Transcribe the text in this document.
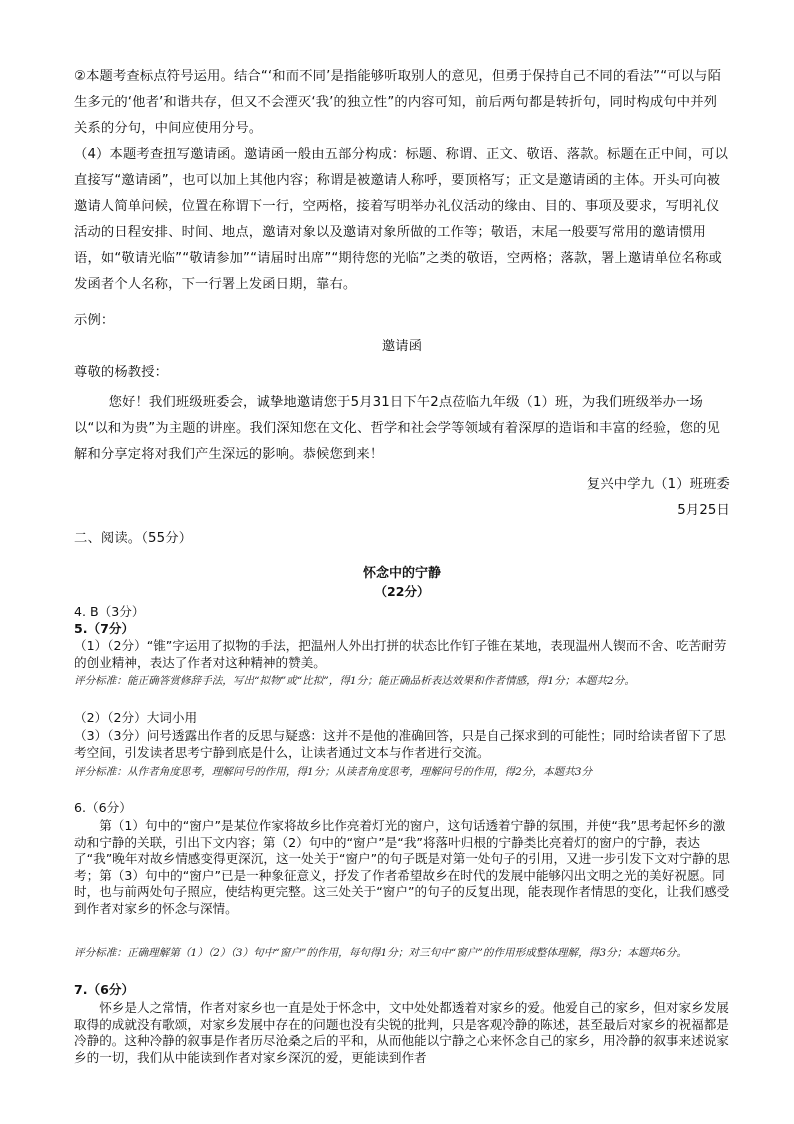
②本题考查标点符号运用。结合“‘和而不同’是指能够听取别人的意见，但勇于保持自己不同的看法”“可以与陌生多元的‘他者’和谐共存，但又不会湮灭‘我’的独立性”的内容可知，前后两句都是转折句，同时构成句中并列关系的分句，中间应使用分号。

（4）本题考查扭写邀请函。邀请函一般由五部分构成：标题、称谓、正文、敬语、落款。标题在正中间，可以直接写“邀请函”，也可以加上其他内容；称谓是被邀请人称呼，要顶格写；正文是邀请函的主体。开头可向被邀请人简单问候，位置在称谓下一行，空两格，接着写明举办礼仪活动的缘由、目的、事项及要求，写明礼仪活动的日程安排、时间、地点，邀请对象以及邀请对象所做的工作等；敬语，末尾一般要写常用的邀请惯用语，如“敬请光临”“敬请参加”“请届时出席”“期待您的光临”之类的敬语，空两格；落款，署上邀请单位名称或发函者个人名称，下一行署上发函日期，靠右。

示例：

邀请函

尊敬的杨教授：

您好！我们班级班委会，诚挚地邀请您于5月31日下午2点莅临九年级（1）班，为我们班级举办一场以“以和为贵”为主题的讲座。我们深知您在文化、哲学和社会学等领域有着深厚的造诣和丰富的经验，您的见解和分享定将对我们产生深远的影响。恭候您到来！

复兴中学九（1）班班委

5月25日

二、阅读。（55分）

怀念中的宁静

（22分）

4. B（3分）

5.（7分）

（1）（2分）“锥”字运用了拟物的手法，把温州人外出打拼的状态比作钉子锥在某地，表现温州人锲而不舍、吃苦耐劳的创业精神，表达了作者对这种精神的赞美。

评分标准：能正确答赏修辞手法，写出“拟物”或“比拟”，得1分；能正确品析表达效果和作者情感，得1分；本题共2分。

（2）（2分）大词小用

（3）（3分）问号透露出作者的反思与疑惑：这并不是他的准确回答，只是自己探求到的可能性；同时给读者留下了思考空间，引发读者思考宁静到底是什么，让读者通过文本与作者进行交流。

评分标准：从作者角度思考，理解问号的作用，得1分；从读者角度思考，理解问号的作用，得2分，本题共3分

6.（6分）

第（1）句中的“窗户”是某位作家将故乡比作亮着灯光的窗户，这句话透着宁静的氛围，并使“我”思考起怀乡的激动和宁静的关联，引出下文内容；第（2）句中的“窗户”是“我”将落叶归根的宁静类比亮着灯的窗户的宁静，表达了“我”晚年对故乡情感变得更深沉，这一处关于“窗户”的句子既是对第一处句子的引用，又进一步引发下文对宁静的思考；第（3）句中的“窗户”已是一种象征意义，抒发了作者希望故乡在时代的发展中能够闪出文明之光的美好祝愿。同时，也与前两处句子照应，使结构更完整。这三处关于“窗户”的句子的反复出现，能表现作者情思的变化，让我们感受到作者对家乡的怀念与深情。

评分标准：正确理解第（1）（2）（3）句中“窗户”的作用，每句得1分；对三句中“窗户”的作用形成整体理解，得3分；本题共6分。

7.（6分）

怀乡是人之常情，作者对家乡也一直是处于怀念中，文中处处都透着对家乡的爱。他爱自己的家乡，但对家乡发展取得的成就没有歌颂，对家乡发展中存在的问题也没有尖锐的批判，只是客观冷静的陈述，甚至最后对家乡的祝福都是冷静的。这种冷静的叙事是作者历尽沧桑之后的平和，从而他能以宁静之心来怀念自己的家乡，用冷静的叙事来述说家乡的一切，我们从中能读到作者对家乡深沉的爱，更能读到作者
